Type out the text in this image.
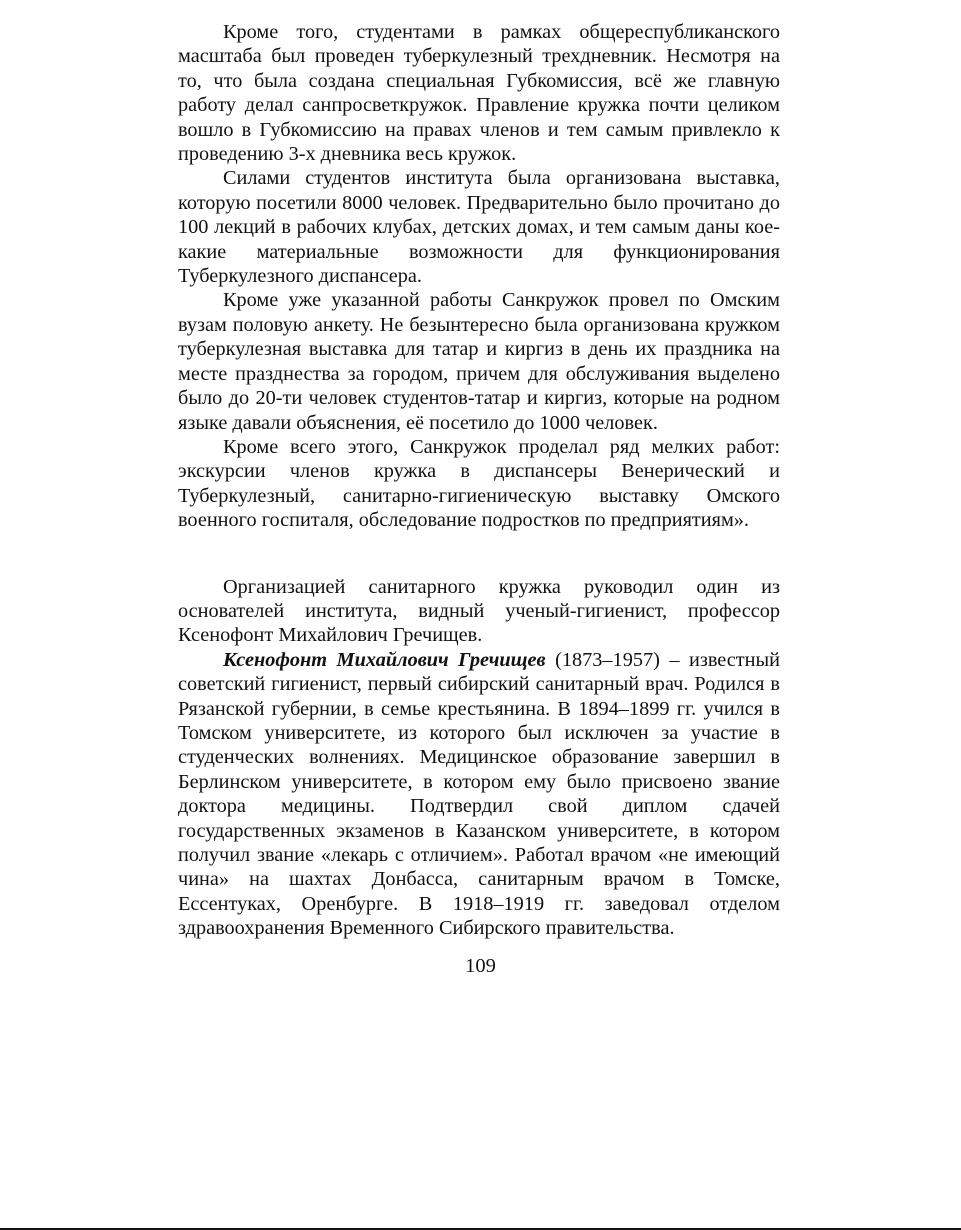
Кроме того, студентами в рамках общереспубликанского масштаба был проведен туберкулезный трехдневник. Несмотря на то, что была создана специальная Губкомиссия, всё же главную работу делал санпросветкружок. Правление кружка почти целиком вошло в Губкомиссию на правах членов и тем самым привлекло к проведению 3-х дневника весь кружок.

Силами студентов института была организована выставка, которую посетили 8000 человек. Предварительно было прочитано до 100 лекций в рабочих клубах, детских домах, и тем самым даны кое-какие материальные возможности для функционирования Туберкулезного диспансера.

Кроме уже указанной работы Санкружок провел по Омским вузам половую анкету. Не безынтересно была организована кружком туберкулезная выставка для татар и киргиз в день их праздника на месте празднества за городом, причем для обслуживания выделено было до 20-ти человек студентов-татар и киргиз, которые на родном языке давали объяснения, её посетило до 1000 человек.

Кроме всего этого, Санкружок проделал ряд мелких работ: экскурсии членов кружка в диспансеры Венерический и Туберкулезный, санитарно-гигиеническую выставку Омского военного госпиталя, обследование подростков по предприятиям».

Организацией санитарного кружка руководил один из основателей института, видный ученый-гигиенист, профессор Ксенофонт Михайлович Гречищев.

Ксенофонт Михайлович Гречищев (1873–1957) – известный советский гигиенист, первый сибирский санитарный врач. Родился в Рязанской губернии, в семье крестьянина. В 1894–1899 гг. учился в Томском университете, из которого был исключен за участие в студенческих волнениях. Медицинское образование завершил в Берлинском университете, в котором ему было присвоено звание доктора медицины. Подтвердил свой диплом сдачей государственных экзаменов в Казанском университете, в котором получил звание «лекарь с отличием». Работал врачом «не имеющий чина» на шахтах Донбасса, санитарным врачом в Томске, Ессентуках, Оренбурге. В 1918–1919 гг. заведовал отделом здравоохранения Временного Сибирского правительства.

109
